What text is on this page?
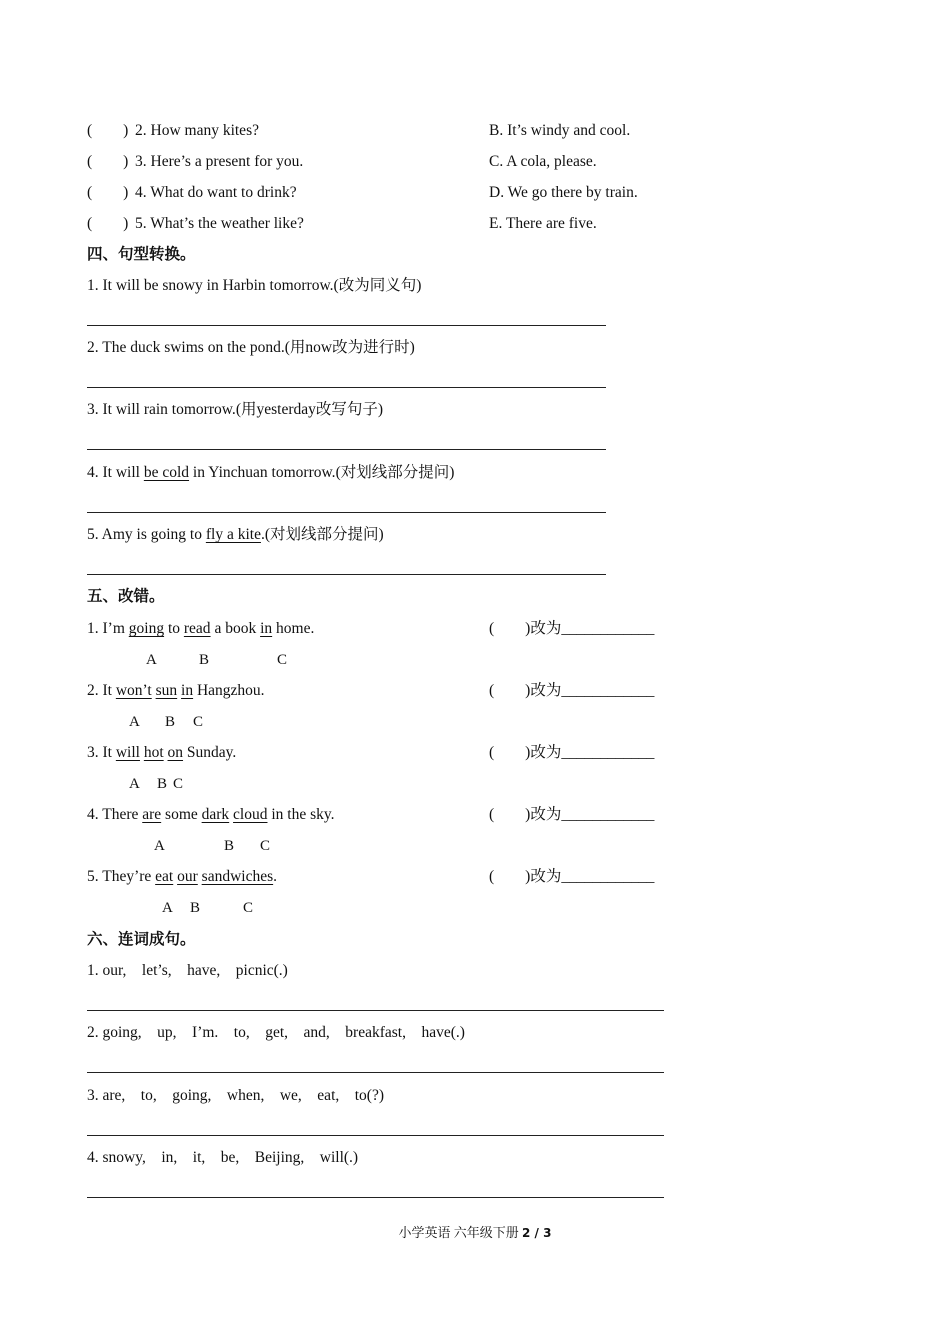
(　　) 2. How many kites?	B. It’s windy and cool.
(　　) 3. Here’s a present for you.	C. A cola, please.
(　　) 4. What do want to drink?	D. We go there by train.
(　　) 5. What’s the weather like?	E. There are five.
四、句型转换。
1. It will be snowy in Harbin tomorrow.(改为同义句)
2. The duck swims on the pond.(用now改为进行时)
3. It will rain tomorrow.(用yesterday改写句子)
4. It will be cold in Yinchuan tomorrow.(对划线部分提问)
5. Amy is going to fly a kite.(对划线部分提问)
五、改错。
1. I’m going to read a book in home.	(　　)改为____________
A	B	C
2. It won’t sun in Hangzhou.	(　　)改为____________
A B C
3. It will hot on Sunday.	(　　)改为____________
A B C
4. There are some dark cloud in the sky.	(　　)改为____________
A	B C
5. They’re eat our sandwiches.	(　　)改为____________
A B	C
六、连词成句。
1. our,    let’s,    have,    picnic(.)
2. going,    up,    I’m.    to,    get,    and,    breakfast,    have(.)
3. are,    to,    going,    when,    we,    eat,    to(?)
4. snowy,    in,    it,    be,    Beijing,    will(.)
小学英语 六年级下册 2 / 3
